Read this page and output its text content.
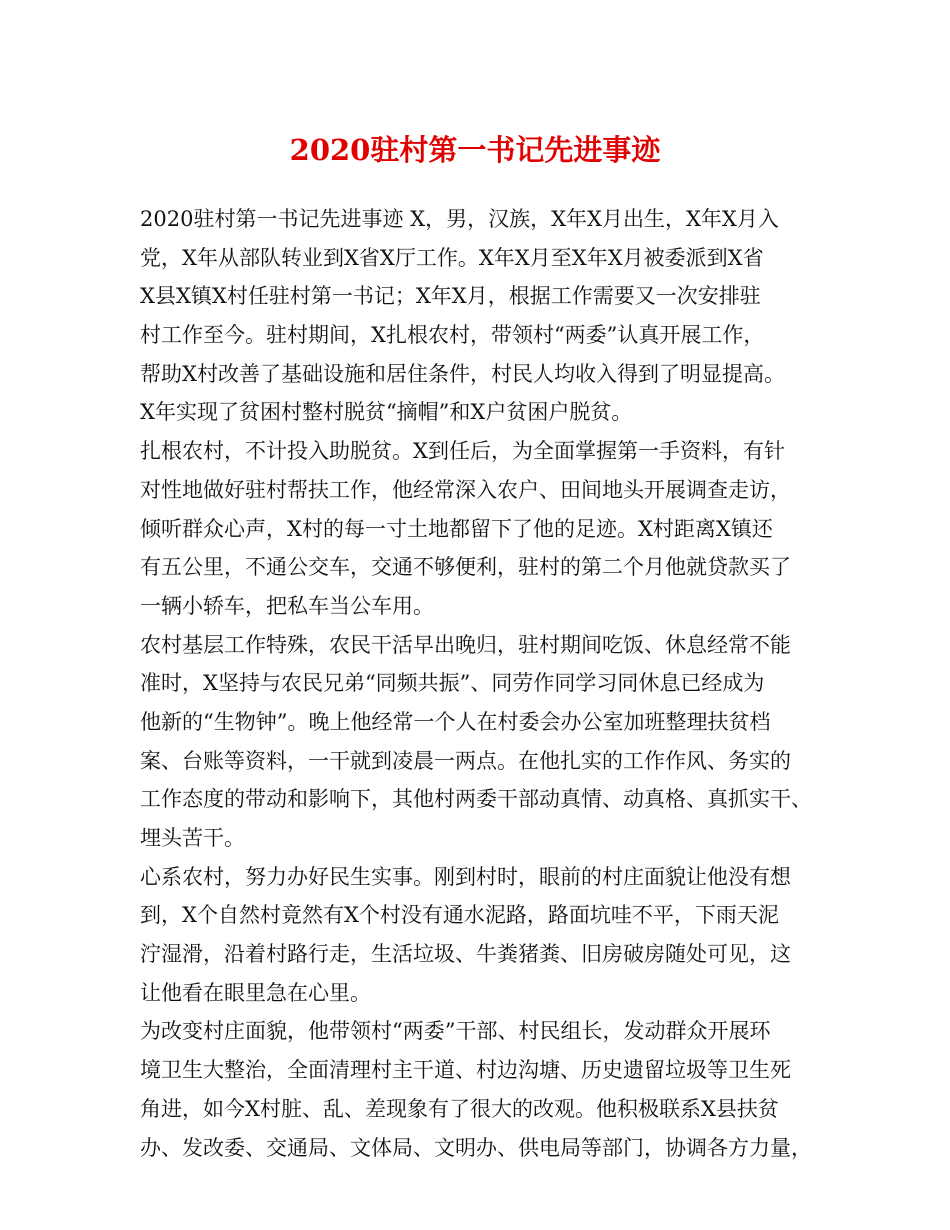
2020驻村第一书记先进事迹
2020驻村第一书记先进事迹 X，男，汉族，X年X月出生，X年X月入
党，X年从部队转业到X省X厅工作。X年X月至X年X月被委派到X省
X县X镇X村任驻村第一书记；X年X月，根据工作需要又一次安排驻
村工作至今。驻村期间，X扎根农村，带领村“两委”认真开展工作，
帮助X村改善了基础设施和居住条件，村民人均收入得到了明显提高。
X年实现了贫困村整村脱贫“摘帽”和X户贫困户脱贫。
扎根农村，不计投入助脱贫。X到任后，为全面掌握第一手资料，有针
对性地做好驻村帮扶工作，他经常深入农户、田间地头开展调查走访，
倾听群众心声，X村的每一寸土地都留下了他的足迹。X村距离X镇还
有五公里，不通公交车，交通不够便利，驻村的第二个月他就贷款买了
一辆小轿车，把私车当公车用。
农村基层工作特殊，农民干活早出晚归，驻村期间吃饭、休息经常不能
准时，X坚持与农民兄弟“同频共振”、同劳作同学习同休息已经成为
他新的“生物钟”。晚上他经常一个人在村委会办公室加班整理扶贫档
案、台账等资料，一干就到凌晨一两点。在他扎实的工作作风、务实的
工作态度的带动和影响下，其他村两委干部动真情、动真格、真抓实干、
埋头苦干。
心系农村，努力办好民生实事。刚到村时，眼前的村庄面貌让他没有想
到，X个自然村竟然有X个村没有通水泥路，路面坑哇不平，下雨天泥
泞湿滑，沿着村路行走，生活垃圾、牛粪猪粪、旧房破房随处可见，这
让他看在眼里急在心里。
为改变村庄面貌，他带领村“两委”干部、村民组长，发动群众开展环
境卫生大整治，全面清理村主干道、村边沟塘、历史遗留垃圾等卫生死
角进，如今X村脏、乱、差现象有了很大的改观。他积极联系X县扶贫
办、发改委、交通局、文体局、文明办、供电局等部门，协调各方力量，
